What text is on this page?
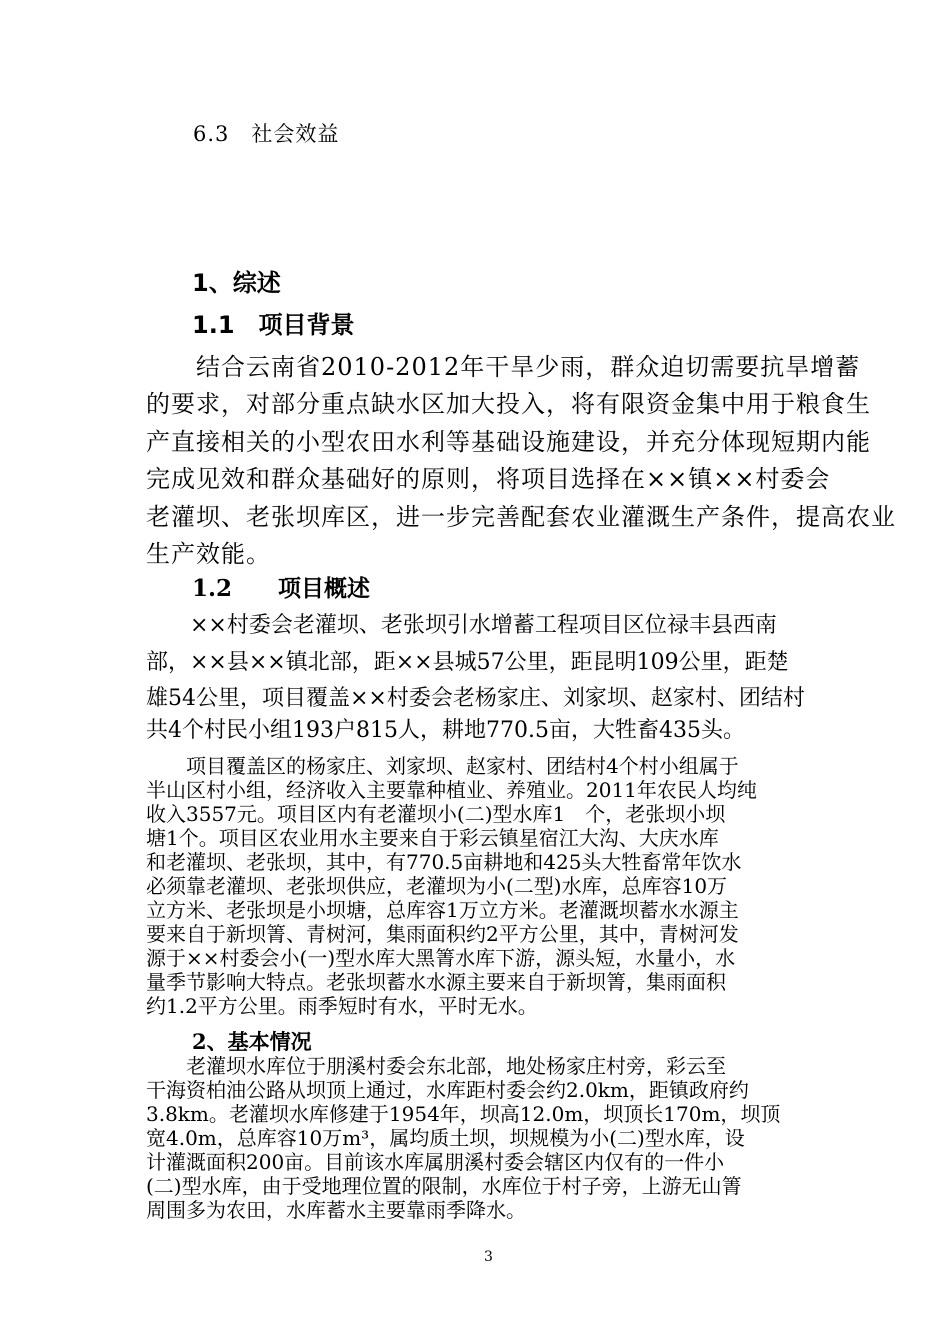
6.3　社会效益
1、综述
1.1　项目背景
　　结合云南省2010-2012年干旱少雨，群众迫切需要抗旱增蓄
的要求，对部分重点缺水区加大投入，将有限资金集中用于粮食生
产直接相关的小型农田水利等基础设施建设，并充分体现短期内能
完成见效和群众基础好的原则，将项目选择在××镇××村委会
老灌坝、老张坝库区，进一步完善配套农业灌溉生产条件，提高农业
生产效能。
1.2　　项目概述
　　××村委会老灌坝、老张坝引水增蓄工程项目区位禄丰县西南
部，××县××镇北部，距××县城57公里，距昆明109公里，距楚
雄54公里，项目覆盖××村委会老杨家庄、刘家坝、赵家村、团结村
共4个村民小组193户815人，耕地770.5亩，大牲畜435头。
　　项目覆盖区的杨家庄、刘家坝、赵家村、团结村4个村小组属于
半山区村小组，经济收入主要靠种植业、养殖业。2011年农民人均纯
收入3557元。项目区内有老灌坝小(二)型水库1　个，老张坝小坝
塘1个。项目区农业用水主要来自于彩云镇星宿江大沟、大庆水库
和老灌坝、老张坝，其中，有770.5亩耕地和425头大牲畜常年饮水
必须靠老灌坝、老张坝供应，老灌坝为小(二型)水库，总库容10万
立方米、老张坝是小坝塘，总库容1万立方米。老灌溉坝蓄水水源主
要来自于新坝箐、青树河，集雨面积约2平方公里，其中，青树河发
源于××村委会小(一)型水库大黑箐水库下游，源头短，水量小，水
量季节影响大特点。老张坝蓄水水源主要来自于新坝箐，集雨面积
约1.2平方公里。雨季短时有水，平时无水。
2、基本情况
　　老灌坝水库位于朋溪村委会东北部，地处杨家庄村旁，彩云至
干海资柏油公路从坝顶上通过，水库距村委会约2.0km，距镇政府约
3.8km。老灌坝水库修建于1954年，坝高12.0m，坝顶长170m，坝顶
宽4.0m，总库容10万m³，属均质土坝，坝规模为小(二)型水库，设
计灌溉面积200亩。目前该水库属朋溪村委会辖区内仅有的一件小
(二)型水库，由于受地理位置的限制，水库位于村子旁，上游无山箐
周围多为农田，水库蓄水主要靠雨季降水。
3
